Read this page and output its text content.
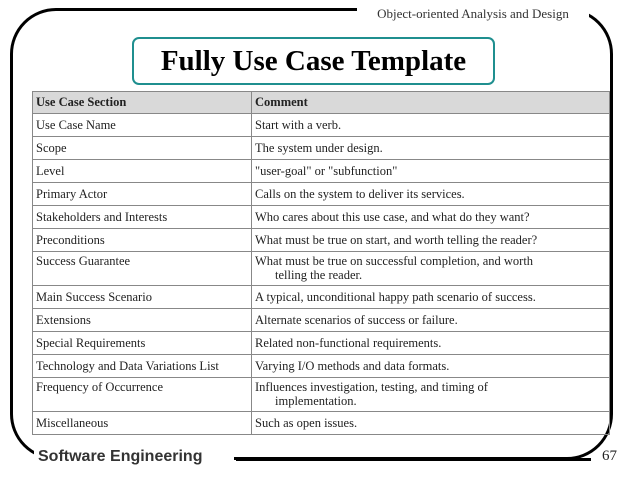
Object-oriented Analysis and Design
Fully Use Case Template
Use Case Section	Comment
Use Case Name	Start with a verb.
Scope	The system under design.
Level	"user-goal" or "subfunction"
Primary Actor	Calls on the system to deliver its services.
Stakeholders and Interests	Who cares about this use case, and what do they want?
Preconditions	What must be true on start, and worth telling the reader?
Success Guarantee	What must be true on successful completion, and worth
telling the reader.

Main Success Scenario	A typical, unconditional happy path scenario of success.
Extensions	Alternate scenarios of success or failure.
Special Requirements	Related non-functional requirements.
Technology and Data Variations List	Varying I/O methods and data formats.
Frequency of Occurrence	Influences investigation, testing, and timing of
implementation.

Miscellaneous	Such as open issues.
Software Engineering	67
